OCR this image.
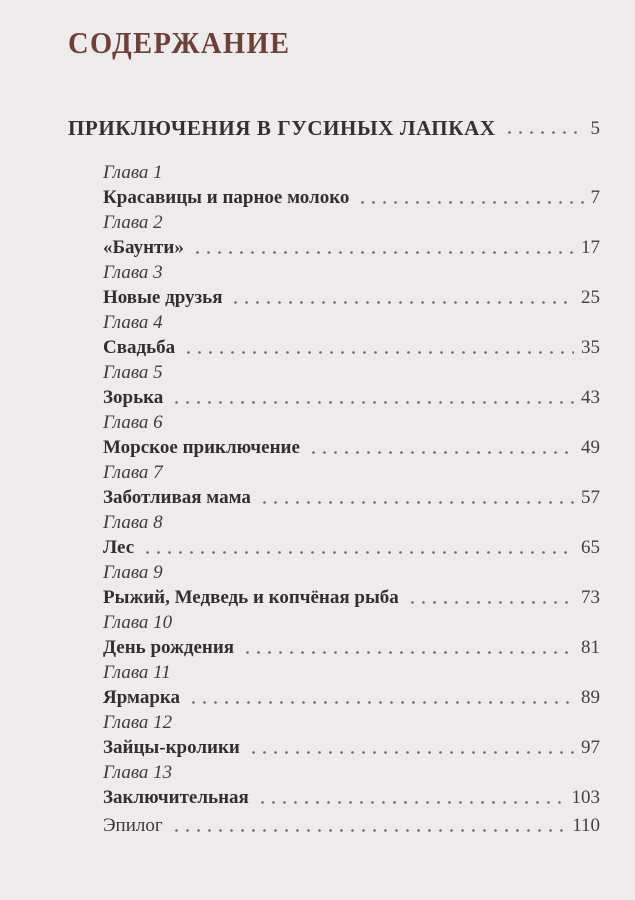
СОДЕРЖАНИЕ
ПРИКЛЮЧЕНИЯ В ГУСИНЫХ ЛАПКАХ	5
Глава 1
Красавицы и парное молоко	7
Глава 2
«Баунти»	17
Глава 3
Новые друзья	25
Глава 4
Свадьба	35
Глава 5
Зорька	43
Глава 6
Морское приключение	49
Глава 7
Заботливая мама	57
Глава 8
Лес	65
Глава 9
Рыжий, Медведь и копчёная рыба	73
Глава 10
День рождения	81
Глава 11
Ярмарка	89
Глава 12
Зайцы-кролики	97
Глава 13
Заключительная	103
Эпилог	110
